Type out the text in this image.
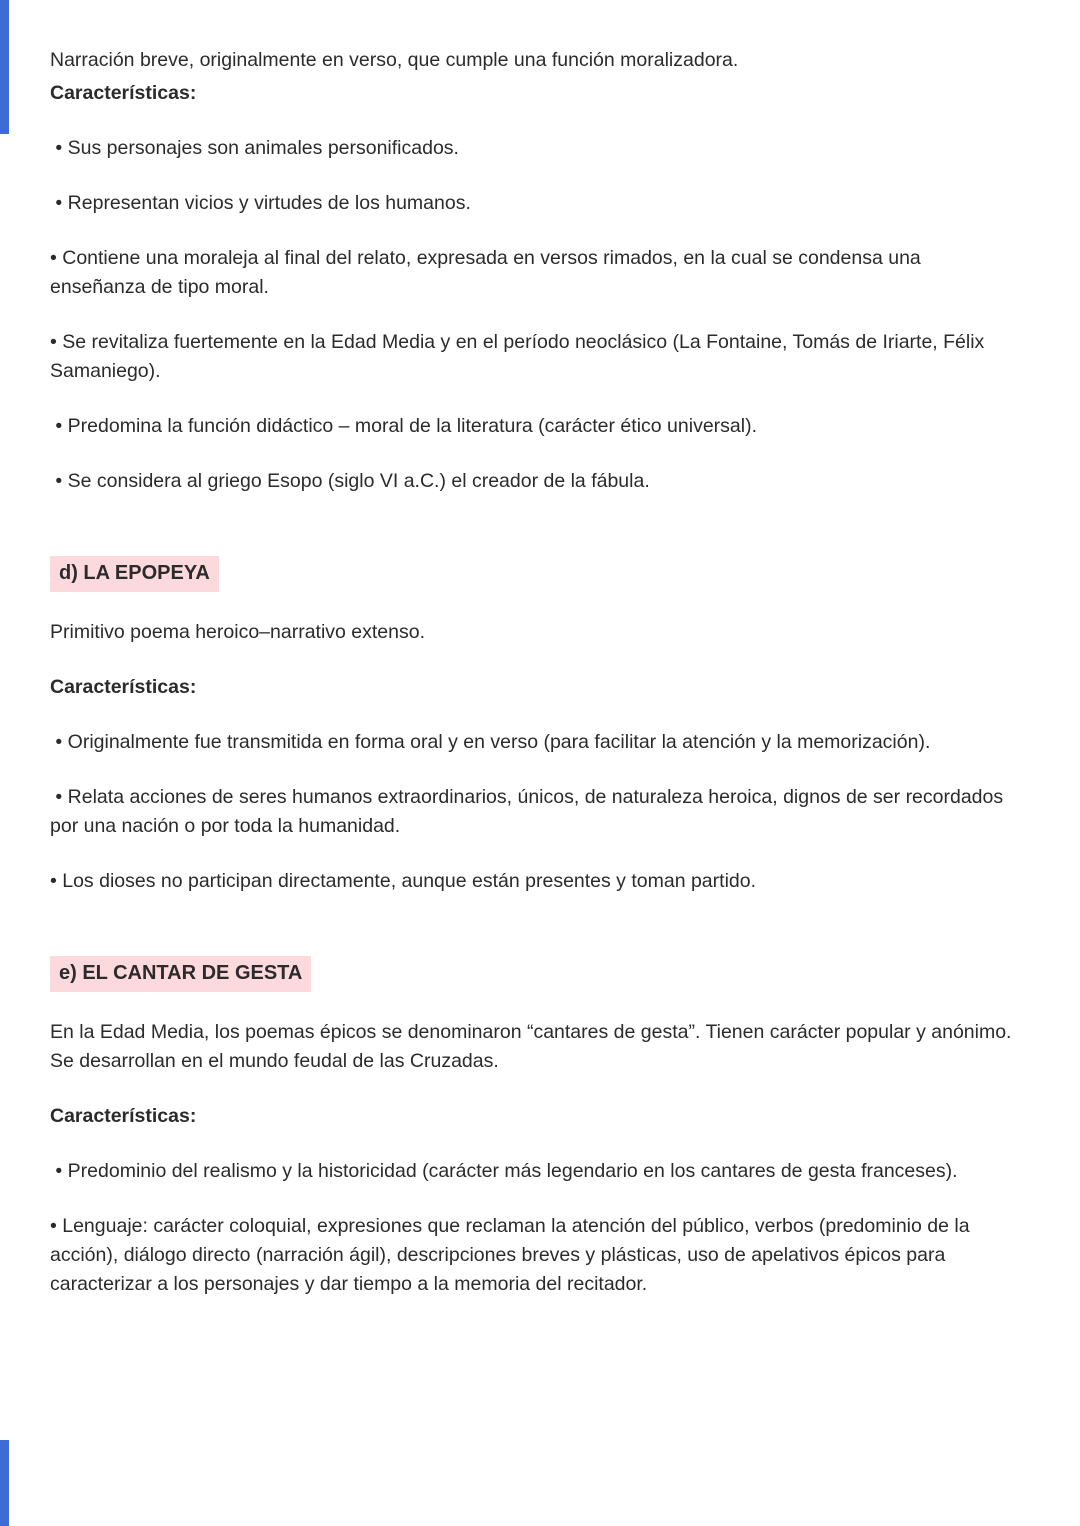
Narración breve, originalmente en verso, que cumple una función moralizadora.

Características:

• Sus personajes son animales personificados.

• Representan vicios y virtudes de los humanos.

• Contiene una moraleja al final del relato, expresada en versos rimados, en la cual se condensa una enseñanza de tipo moral.

• Se revitaliza fuertemente en la Edad Media y en el período neoclásico (La Fontaine, Tomás de Iriarte, Félix Samaniego).

• Predomina la función didáctico – moral de la literatura (carácter ético universal).

• Se considera al griego Esopo (siglo VI a.C.) el creador de la fábula.

d) LA EPOPEYA

Primitivo poema heroico–narrativo extenso.

Características:

• Originalmente fue transmitida en forma oral y en verso (para facilitar la atención y la memorización).

• Relata acciones de seres humanos extraordinarios, únicos, de naturaleza heroica, dignos de ser recordados por una nación o por toda la humanidad.

• Los dioses no participan directamente, aunque están presentes y toman partido.

e) EL CANTAR DE GESTA

En la Edad Media, los poemas épicos se denominaron “cantares de gesta”. Tienen carácter popular y anónimo. Se desarrollan en el mundo feudal de las Cruzadas.

Características:

• Predominio del realismo y la historicidad (carácter más legendario en los cantares de gesta franceses).

• Lenguaje: carácter coloquial, expresiones que reclaman la atención del público, verbos (predominio de la acción), diálogo directo (narración ágil), descripciones breves y plásticas, uso de apelativos épicos para caracterizar a los personajes y dar tiempo a la memoria del recitador.
